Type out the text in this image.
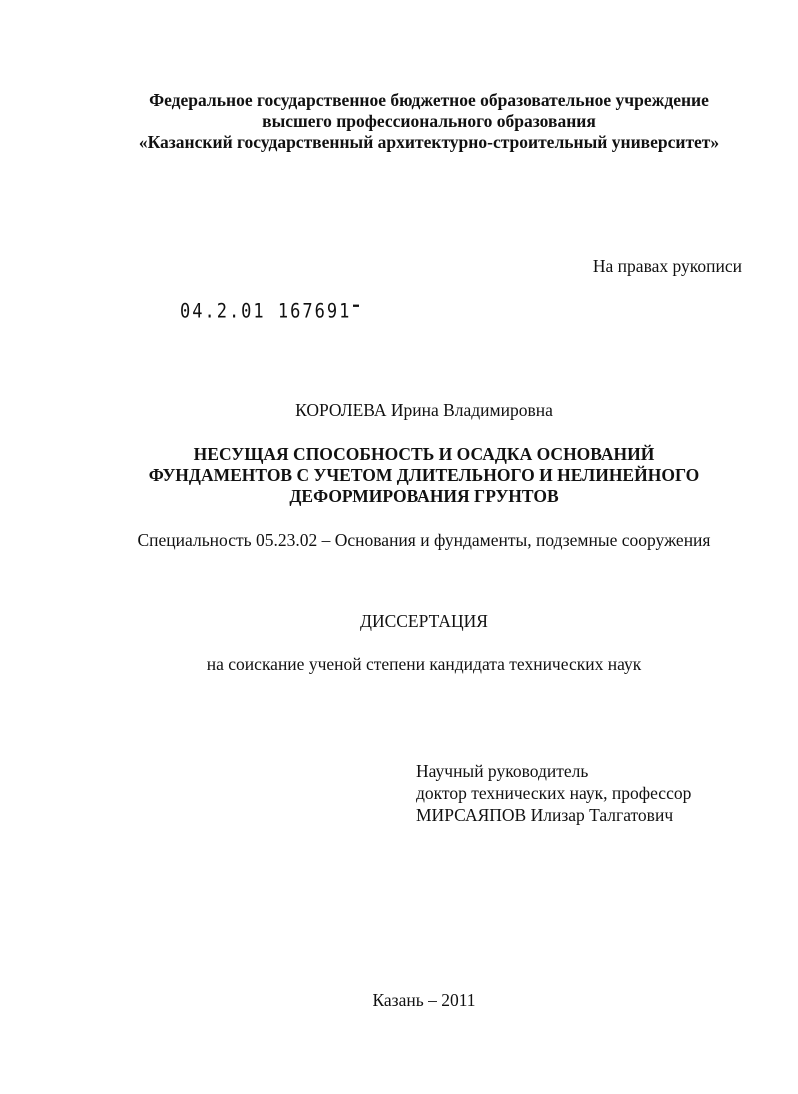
Федеральное государственное бюджетное образовательное учреждение
высшего профессионального образования
«Казанский государственный архитектурно-строительный университет»
На правах рукописи
04.2.01 167691
КОРОЛЕВА Ирина Владимировна
НЕСУЩАЯ СПОСОБНОСТЬ И ОСАДКА ОСНОВАНИЙ
ФУНДАМЕНТОВ С УЧЕТОМ ДЛИТЕЛЬНОГО И НЕЛИНЕЙНОГО
ДЕФОРМИРОВАНИЯ ГРУНТОВ
Специальность 05.23.02 – Основания и фундаменты, подземные сооружения
ДИССЕРТАЦИЯ
на соискание ученой степени кандидата технических наук
Научный руководитель
доктор технических наук, профессор
МИРСАЯПОВ Илизар Талгатович
Казань – 2011
